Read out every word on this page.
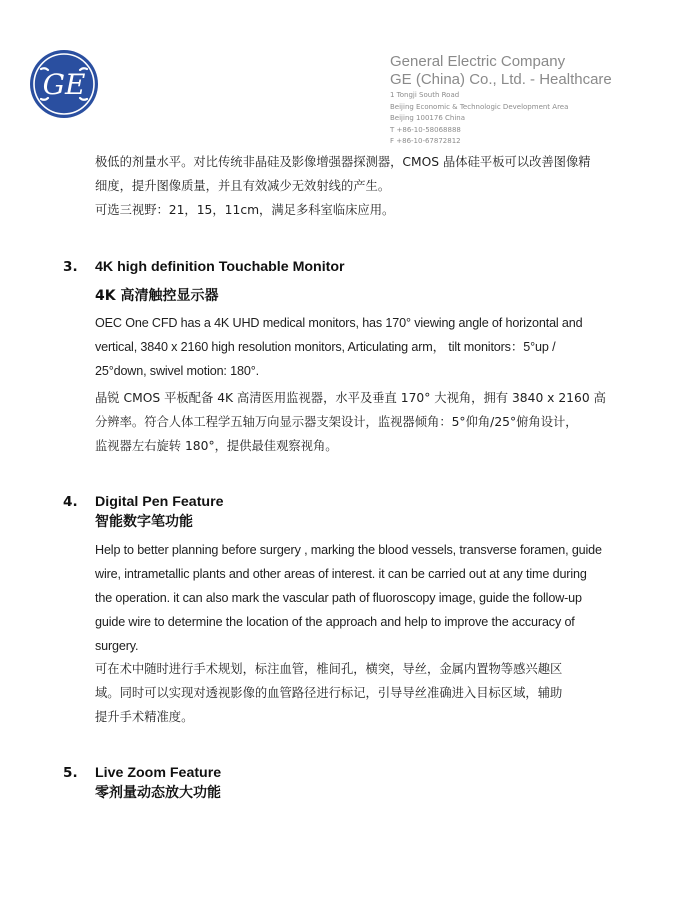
GE
General Electric Company
GE (China) Co., Ltd. - Healthcare
1 Tongji South Road
Beijing Economic & Technologic Development Area
Beijing 100176 China
T +86-10-58068888
F +86-10-67872812
极低的剂量水平。对比传统非晶硅及影像增强器探测器，CMOS 晶体硅平板可以改善图像精
细度，提升图像质量，并且有效减少无效射线的产生。
可选三视野：21，15，11cm，满足多科室临床应用。
3. 4K high definition Touchable Monitor
4K 高清触控显示器
OEC One CFD has a 4K UHD medical monitors, has 170° viewing angle of horizontal and
vertical, 3840 x 2160 high resolution monitors, Articulating arm， tilt monitors：5°up /
25°down, swivel motion: 180°.
晶锐 CMOS 平板配备 4K 高清医用监视器，水平及垂直 170° 大视角，拥有 3840 x 2160 高
分辨率。符合人体工程学五轴万向显示器支架设计，监视器倾角：5°仰角/25°俯角设计，
监视器左右旋转 180°，提供最佳观察视角。
4. Digital Pen Feature
智能数字笔功能
Help to better planning before surgery , marking the blood vessels, transverse foramen, guide
wire, intrametallic plants and other areas of interest. it can be carried out at any time during
the operation. it can also mark the vascular path of fluoroscopy image, guide the follow-up
guide wire to determine the location of the approach and help to improve the accuracy of
surgery.
可在术中随时进行手术规划，标注血管，椎间孔，横突，导丝，金属内置物等感兴趣区
域。同时可以实现对透视影像的血管路径进行标记，引导导丝准确进入目标区域，辅助
提升手术精准度。
5. Live Zoom Feature
零剂量动态放大功能
